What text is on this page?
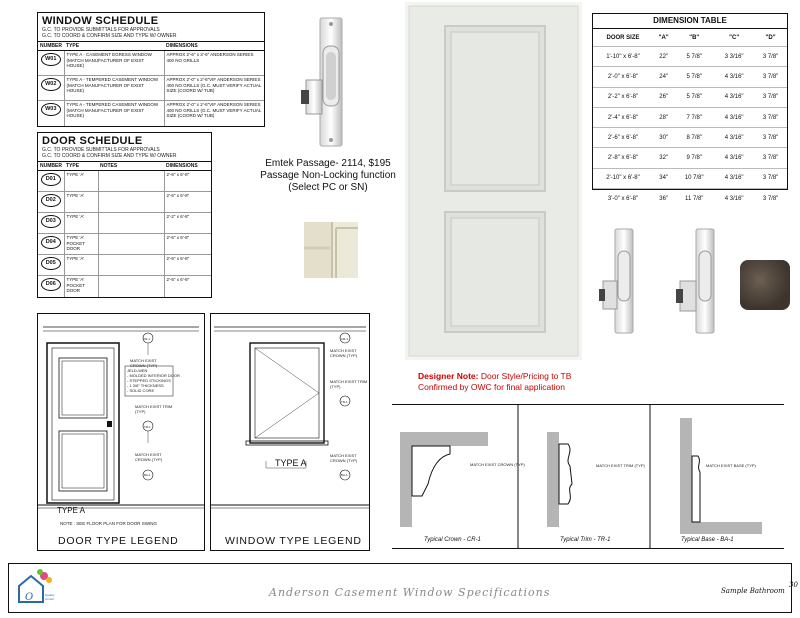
WINDOW SCHEDULE
G.C. TO PROVIDE SUBMITTALS FOR APPROVALS
G.C. TO COORD & CONFIRM SIZE AND TYPE W/ OWNER
NUMBER	TYPE	DIMENSIONS

W01	TYPE A - CASEMENT EGRESS WINDOW (MATCH MANUFACTURER OF EXIST HOUSE)	APPROX 2'-6" x 3'-6" ANDERSON SERIES 400 NO GRILLS

W02	TYPE A - TEMPERED CASEMENT WINDOW (MATCH MANUFACTURER OF EXIST HOUSE)	APPROX 2'-0" x 2'-6"VIF ANDERSON SERIES 400 NO GRILLS (G.C. MUST VERIFY ACTUAL SIZE (COORD W/ TUB)

W03	TYPE A - TEMPERED CASEMENT WINDOW (MATCH MANUFACTURER OF EXIST HOUSE)	APPROX 2'-0" x 2'-6"VIF ANDERSON SERIES 400 NO GRILLS (G.C. MUST VERIFY ACTUAL SIZE (COORD W/ TUB)
DOOR SCHEDULE
G.C. TO PROVIDE SUBMITTALS FOR APPROVALS
G.C. TO COORD & CONFIRM SIZE AND TYPE W/ OWNER
NUMBER	TYPE	NOTES	DIMENSIONS

D01	TYPE 'A'		2'-6" x 6'-8"

D02	TYPE 'A'		2'-6" x 6'-8"

D03	TYPE 'A'		2'-2" x 6'-8"

D04	TYPE 'A' POCKET DOOR		2'-6" x 6'-8"

D05	TYPE 'A'		2'-6" x 6'-8"

D06	TYPE 'A' POCKET DOOR		2'-6" x 6'-8"
Emtek Passage- 2114, $195
Passage Non-Locking function
(Select PC or SN)
DIMENSION TABLE
DOOR SIZE	"A"	"B"	"C"	"D"
1'-10" x 6'-8"	22"	5 7/8"	3 3/16"	3 7/8"
2'-0" x 6'-8"	24"	5 7/8"	4 3/16"	3 7/8"
2'-2" x 6'-8"	26"	5 7/8"	4 3/16"	3 7/8"
2'-4" x 6'-8"	28"	7 7/8"	4 3/16"	3 7/8"
2'-6" x 6'-8"	30"	8 7/8"	4 3/16"	3 7/8"
2'-8" x 6'-8"	32"	9 7/8"	4 3/16"	3 7/8"
2'-10" x 6'-8"	34"	10 7/8"	4 3/16"	3 7/8"
3'-0" x 6'-8"	36"	11 7/8"	4 3/16"	3 7/8"
Designer Note: Door Style/Pricing to TB Confirmed by OWC for final application
CR-1
MATCH EXIST CROWN (TYP)
JELD-WEN
- MOLDED INTERIOR DOOR
- STEPPED STICKINGS
- 1 3/8" THICKNESS
- SOLID CORE
MATCH EXIST TRIM (TYP)
TR-1
MATCH EXIST CROWN (TYP)
BA-1
TYPE A
NOTE : SEE FLOOR PLAN FOR DOOR SWING
DOOR TYPE LEGEND
CR-1
MATCH EXIST CROWN (TYP)
MATCH EXIST TRIM (TYP)
TR-1
MATCH EXIST CROWN (TYP)
BA-1
TYPE A
WINDOW TYPE LEGEND
MATCH EXIST CROWN (TYP)	MATCH EXIST TRIM (TYP)	MATCH EXIST BASE (TYP)
Typical Crown - CR-1	Typical Trim - TR-1	Typical Base - BA-1
O	Quality
Constr.	Anderson Casement Window Specifications	Sample Bathroom
30
